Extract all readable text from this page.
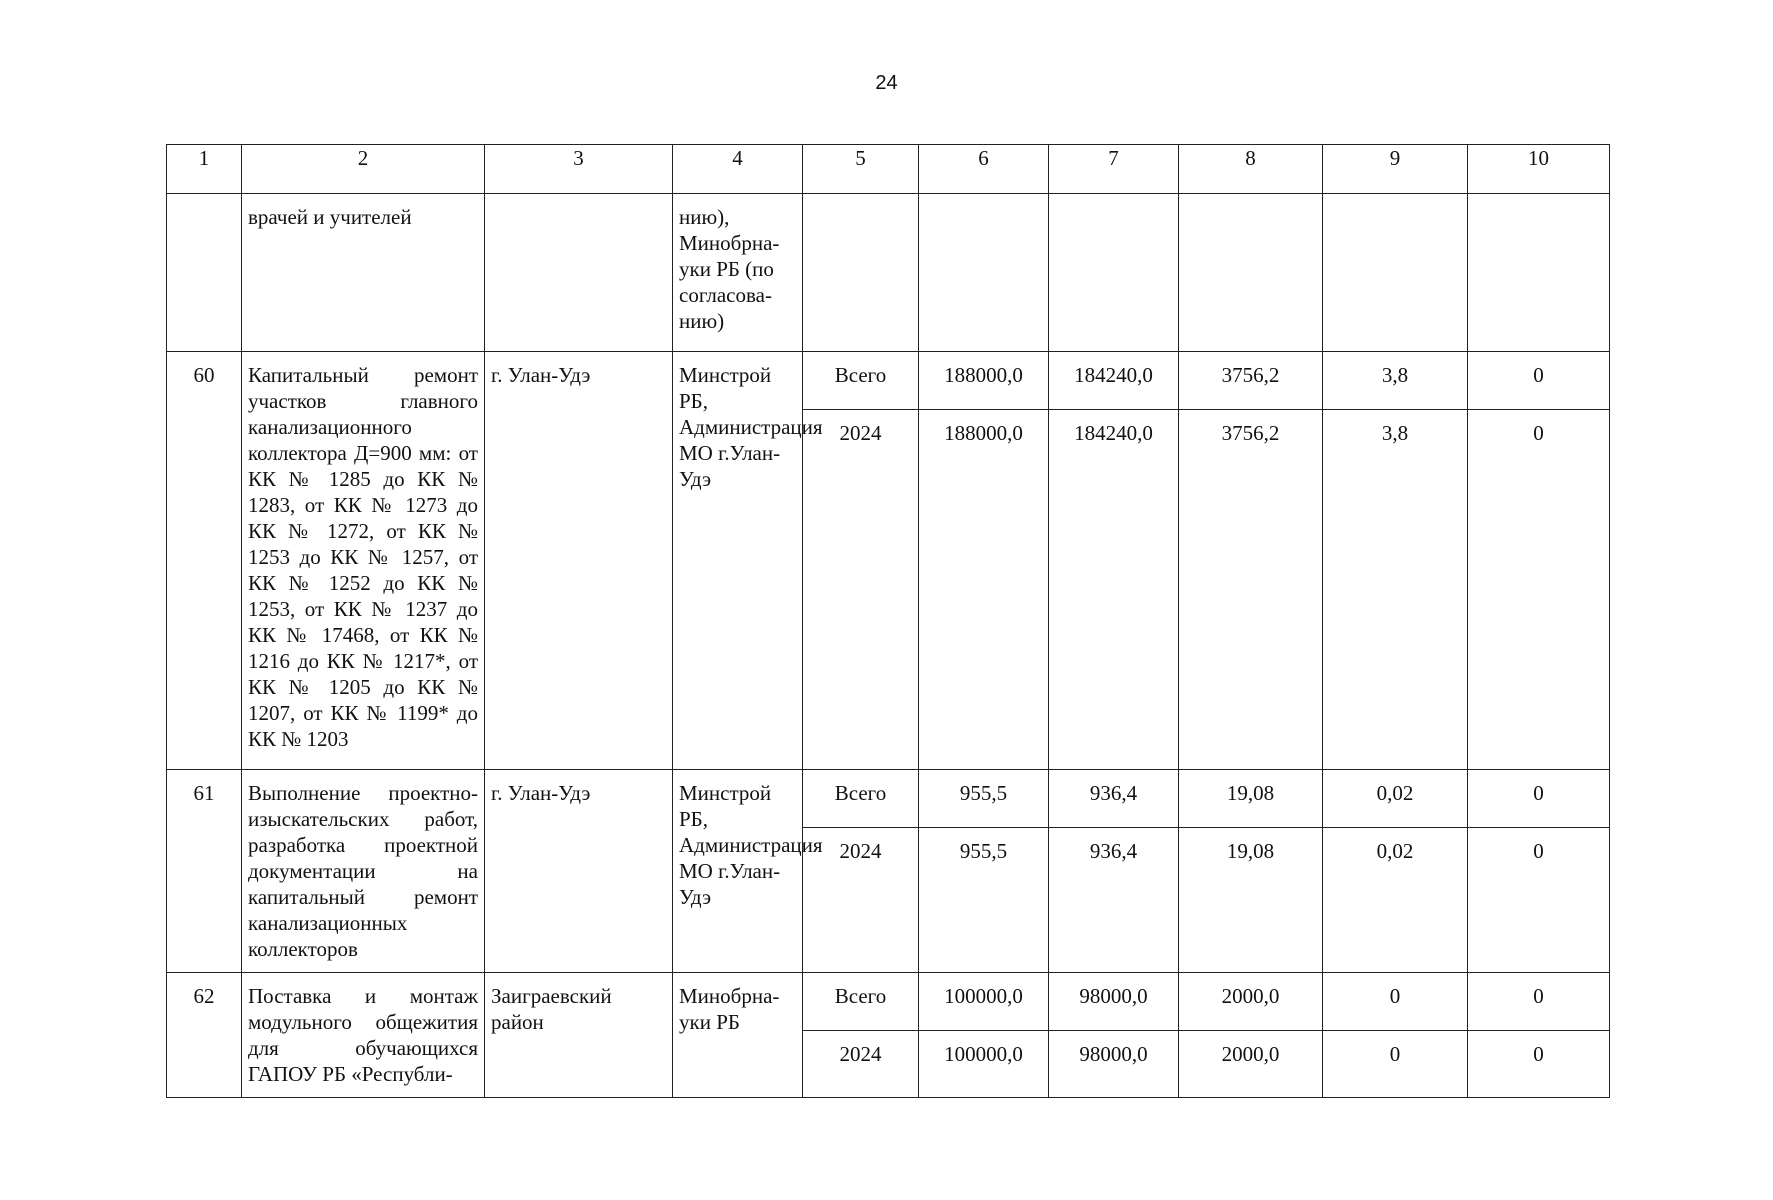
24
1	2	3	4	5	6	7	8	9	10
	врачей и учителей		нию), Минобрна-уки РБ (по согласова-нию)						
60	Капитальный ремонт участков главного канализационного коллектора Д=900 мм: от КК № 1285 до КК № 1283, от КК № 1273 до КК № 1272, от КК № 1253 до КК № 1257, от КК № 1252 до КК № 1253, от КК № 1237 до КК № 17468, от КК № 1216 до КК № 1217*, от КК № 1205 до КК № 1207, от КК № 1199* до КК № 1203	г. Улан-Удэ	Минстрой РБ, Администрация МО г.Улан-Удэ	Всего	188000,0	184240,0	3756,2	3,8	0
				2024	188000,0	184240,0	3756,2	3,8	0
61	Выполнение проектно-изыскательских работ, разработка проектной документации на капитальный ремонт канализационных коллекторов	г. Улан-Удэ	Минстрой РБ, Администрация МО г.Улан-Удэ	Всего	955,5	936,4	19,08	0,02	0
				2024	955,5	936,4	19,08	0,02	0
62	Поставка и монтаж модульного общежития для обучающихся ГАПОУ РБ «Республи-	Заиграевский район	Минобрна-уки РБ	Всего	100000,0	98000,0	2000,0	0	0
				2024	100000,0	98000,0	2000,0	0	0
